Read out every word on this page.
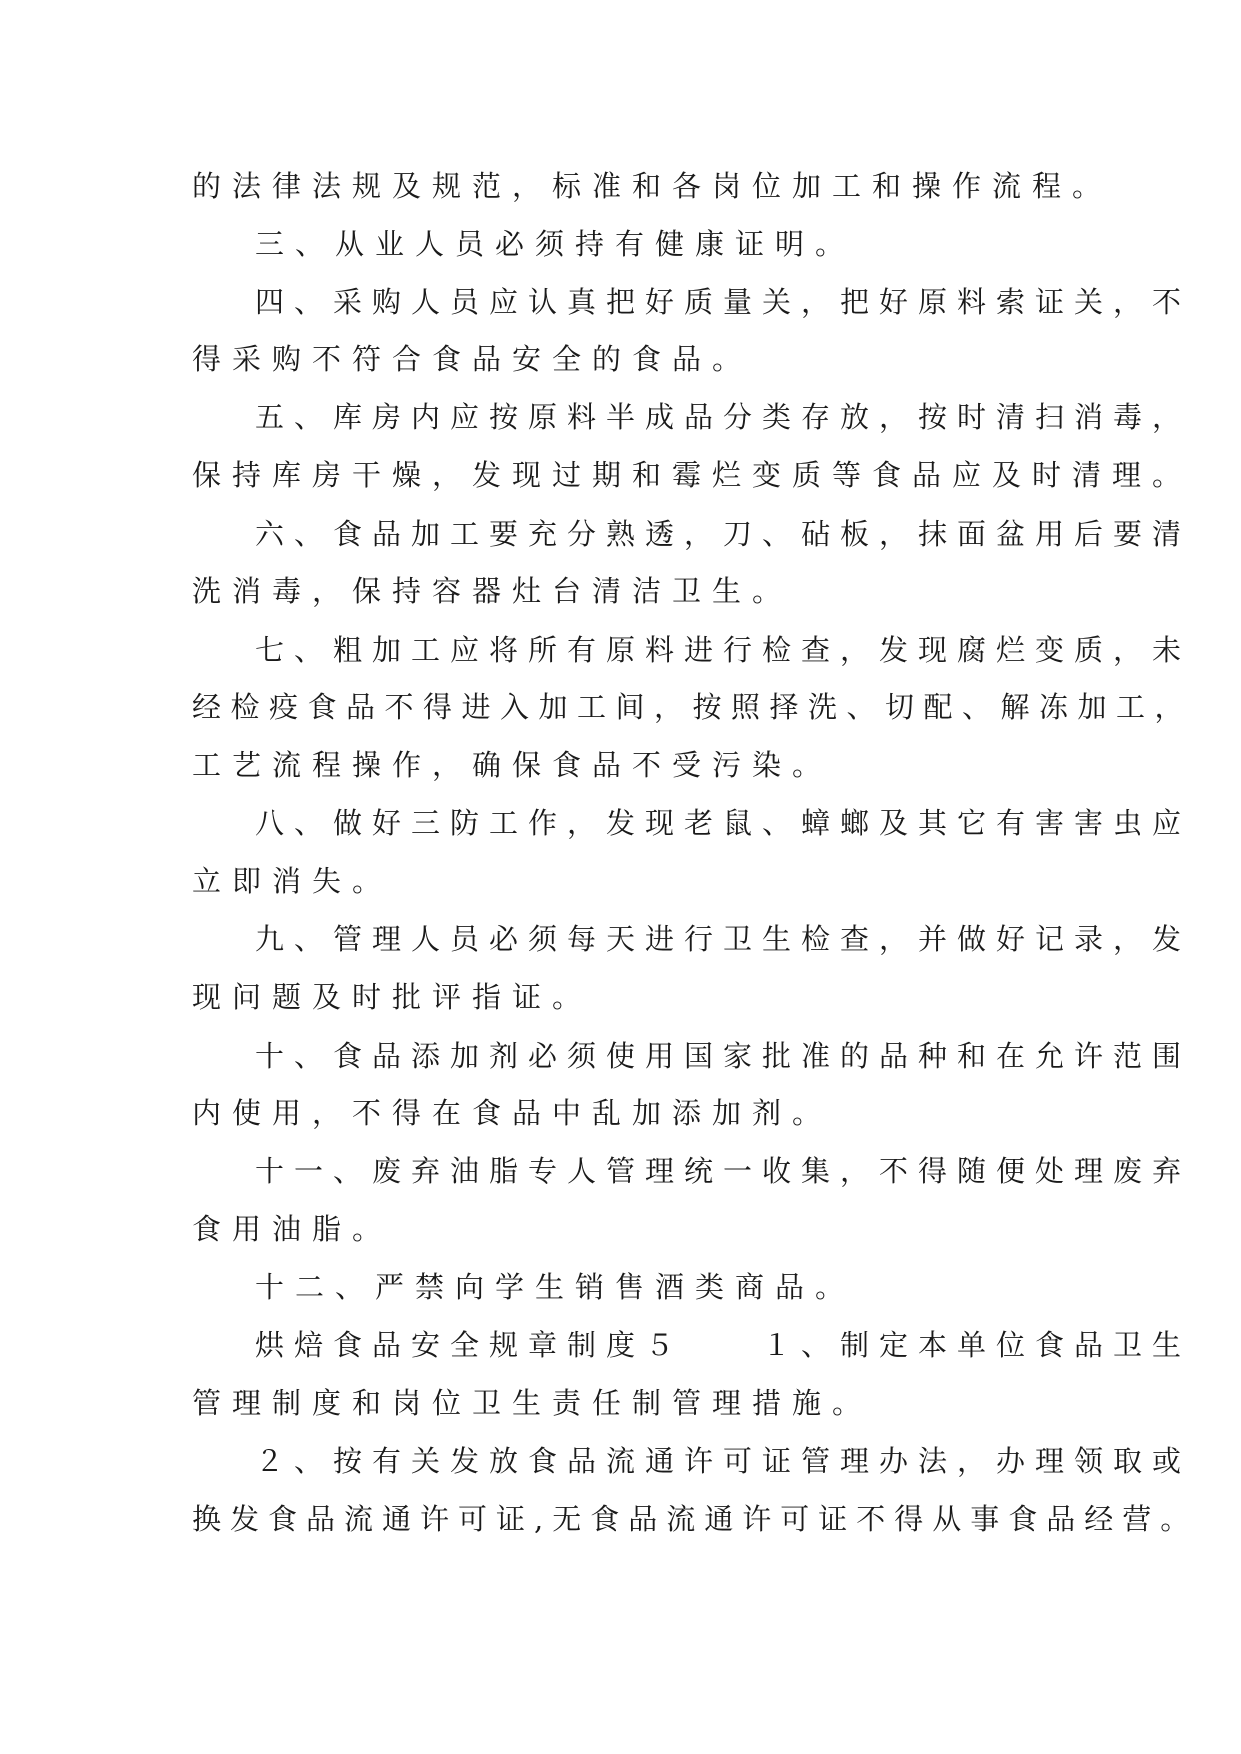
的法律法规及规范，标准和各岗位加工和操作流程。

三、从业人员必须持有健康证明。

四、采购人员应认真把好质量关，把好原料索证关，不

得采购不符合食品安全的食品。

五、库房内应按原料半成品分类存放，按时清扫消毒，

保持库房干燥，发现过期和霉烂变质等食品应及时清理。

六、食品加工要充分熟透，刀、砧板，抹面盆用后要清

洗消毒，保持容器灶台清洁卫生。

七、粗加工应将所有原料进行检查，发现腐烂变质，未

经检疫食品不得进入加工间，按照择洗、切配、解冻加工，

工艺流程操作，确保食品不受污染。

八、做好三防工作，发现老鼠、蟑螂及其它有害害虫应

立即消失。

九、管理人员必须每天进行卫生检查，并做好记录，发

现问题及时批评指证。

十、食品添加剂必须使用国家批准的品种和在允许范围

内使用，不得在食品中乱加添加剂。

十一、废弃油脂专人管理统一收集，不得随便处理废弃

食用油脂。

十二、严禁向学生销售酒类商品。

烘焙食品安全规章制度５　　１、制定本单位食品卫生

管理制度和岗位卫生责任制管理措施。

２、按有关发放食品流通许可证管理办法，办理领取或

换发食品流通许可证,无食品流通许可证不得从事食品经营。
